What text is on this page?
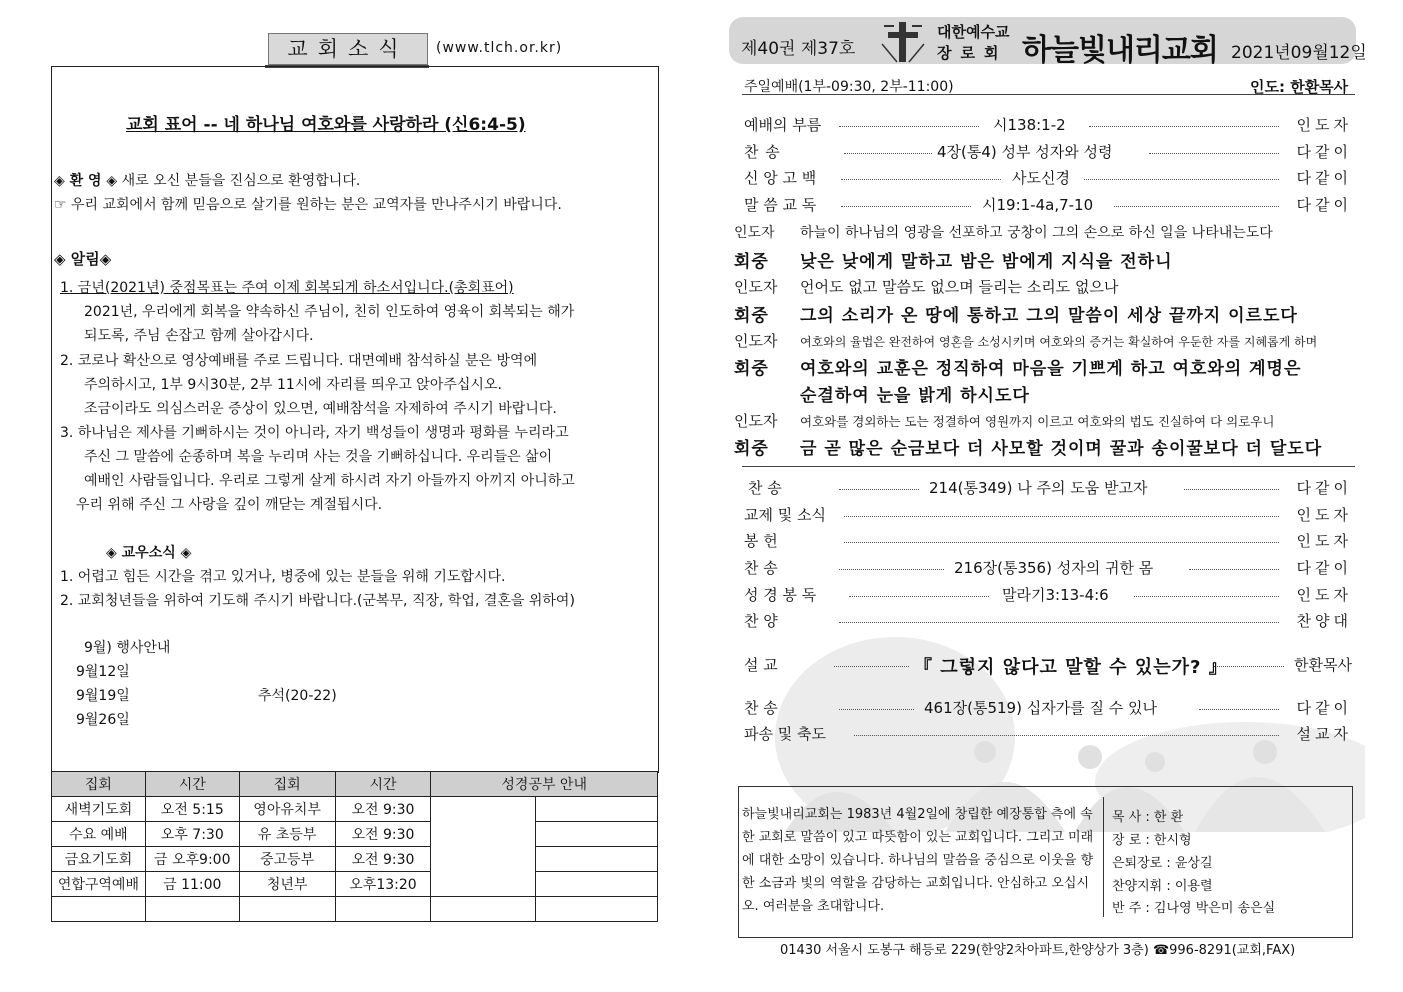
교회소식	(www.tlch.or.kr)
교회 표어 -- 네 하나님 여호와를 사랑하라 (신6:4-5)
◈ 환 영 ◈ 새로 오신 분들을 진심으로 환영합니다.
☞ 우리 교회에서 함께 믿음으로 살기를 원하는 분은 교역자를 만나주시기 바랍니다.
◈ 알림◈
1. 금년(2021년) 중점목표는 주여 이제 회복되게 하소서입니다.(총회표어)
2021년, 우리에게 회복을 약속하신 주님이, 친히 인도하여 영육이 회복되는 해가
되도록, 주님 손잡고 함께 살아갑시다.
2. 코로나 확산으로 영상예배를 주로 드립니다. 대면예배 참석하실 분은 방역에
주의하시고, 1부 9시30분, 2부 11시에 자리를 띄우고 앉아주십시오.
조금이라도 의심스러운 증상이 있으면, 예배참석을 자제하여 주시기 바랍니다.
3. 하나님은 제사를 기뻐하시는 것이 아니라, 자기 백성들이 생명과 평화를 누리라고
주신 그 말씀에 순종하며 복을 누리며 사는 것을 기뻐하십니다. 우리들은 삶이
예배인 사람들입니다. 우리로 그렇게 살게 하시려 자기 아들까지 아끼지 아니하고
우리 위해 주신 그 사랑을 깊이 깨닫는 계절됩시다.
◈ 교우소식 ◈
1. 어렵고 힘든 시간을 겪고 있거나, 병중에 있는 분들을 위해 기도합시다.
2. 교회청년들을 위하여 기도해 주시기 바랍니다.(군복무, 직장, 학업, 결혼을 위하여)
9월) 행사안내
9월12일
9월19일	추석(20-22)
9월26일
집회	시간	집회	시간	성경공부 안내	
새벽기도회	오전 5:15	영아유치부	오전 9:30		
수요 예배	오후 7:30	유 초등부	오전 9:30		
금요기도회	금 오후9:00	중고등부	오전 9:30		
연합구역예배	금 11:00	청년부	오후13:20		

제40권 제37호
대한예수교
장로회 하늘빛내리교회 2021년09월12일
주일예배(1부-09:30, 2부-11:00)	인도: 한환목사
예배의 부름	시138:1-2	인도자
찬 송	4장(통4) 성부 성자와 성령	다같이
신 앙 고 백	사도신경	다같이
말 씀 교 독	시19:1-4a,7-10	다같이
인도자 하늘이 하나님의 영광을 선포하고 궁창이 그의 손으로 하신 일을 나타내는도다
회중 낮은 낮에게 말하고 밤은 밤에게 지식을 전하니
인도자 언어도 없고 말씀도 없으며 들리는 소리도 없으나
회중 그의 소리가 온 땅에 통하고 그의 말씀이 세상 끝까지 이르도다
인도자 여호와의 율법은 완전하여 영혼을 소성시키며 여호와의 증거는 확실하여 우둔한 자를 지혜롭게 하며
회중 여호와의 교훈은 정직하여 마음을 기쁘게 하고 여호와의 계명은
순결하여 눈을 밝게 하시도다
인도자 여호와를 경외하는 도는 정결하여 영원까지 이르고 여호와의 법도 진실하여 다 의로우니
회중 금 곧 많은 순금보다 더 사모할 것이며 꿀과 송이꿀보다 더 달도다
찬 송	214(통349) 나 주의 도움 받고자	다같이
교제 및 소식	인도자
봉 헌	인도자
찬 송	216장(통356) 성자의 귀한 몸	다같이
성 경 봉 독	말라기3:13-4:6	인도자
찬 양	찬양대
설 교	한환목사
『 그렇지 않다고 말할 수 있는가? 』
찬 송	461장(통519) 십자가를 질 수 있나	다같이
파송 및 축도	설교자
하늘빛내리교회는 1983년 4월2일에 창립한 예장통합 측에 속한 교회로 말씀이 있고 따뜻함이 있는 교회입니다. 그리고 미래에 대한 소망이 있습니다. 하나님의 말씀을 중심으로 이웃을 향한 소금과 빛의 역할을 감당하는 교회입니다. 안심하고 오십시오. 여러분을 초대합니다.
목 사 : 한 환
장 로 : 한시형
은퇴장로 : 윤상길
찬양지휘 : 이용렬
반 주 : 김나영 박은미 송은실
01430 서울시 도봉구 해등로 229(한양2차아파트,한양상가 3층) ☎996-8291(교회,FAX)
